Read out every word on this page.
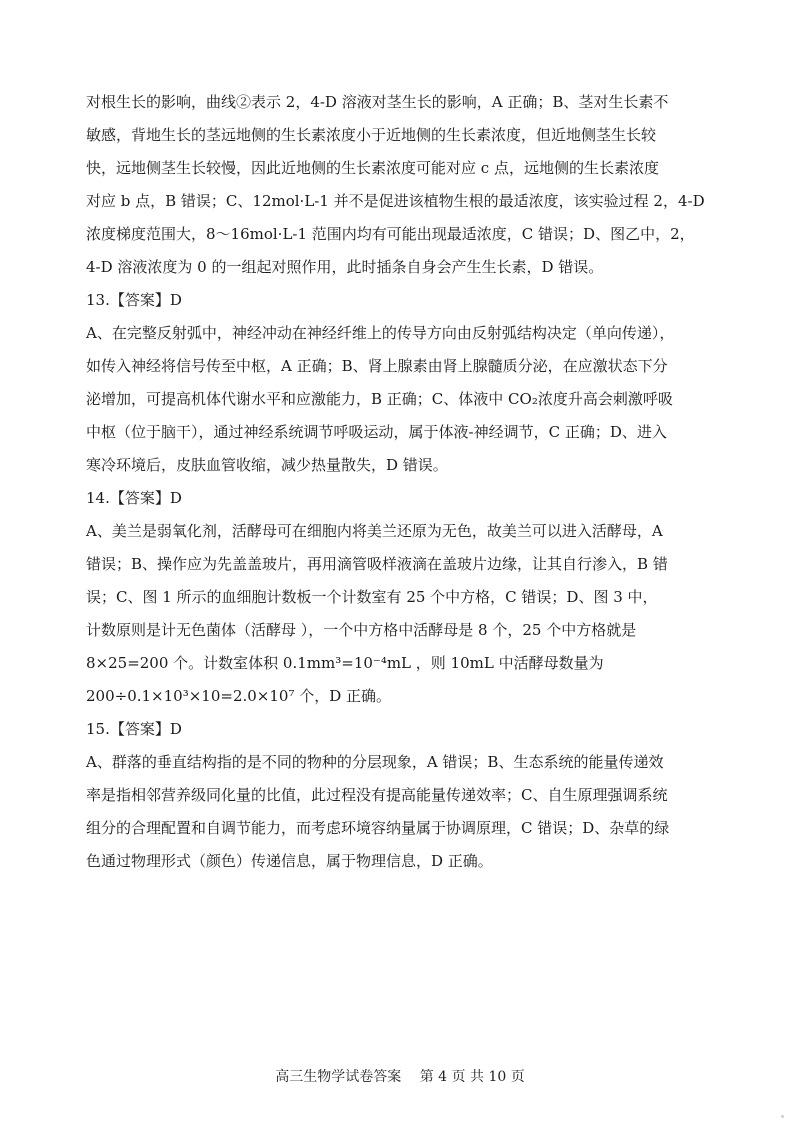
对根生长的影响，曲线②表示 2，4-D 溶液对茎生长的影响，A 正确；B、茎对生长素不
敏感，背地生长的茎远地侧的生长素浓度小于近地侧的生长素浓度，但近地侧茎生长较
快，远地侧茎生长较慢，因此近地侧的生长素浓度可能对应 c 点，远地侧的生长素浓度
对应 b 点，B 错误；C、12mol·L-1 并不是促进该植物生根的最适浓度，该实验过程 2，4-D
浓度梯度范围大，8～16mol·L-1 范围内均有可能出现最适浓度，C 错误；D、图乙中，2，
4-D 溶液浓度为 0 的一组起对照作用，此时插条自身会产生生长素，D 错误。
13.【答案】D
A、在完整反射弧中，神经冲动在神经纤维上的传导方向由反射弧结构决定（单向传递），
如传入神经将信号传至中枢，A 正确；B、肾上腺素由肾上腺髓质分泌，在应激状态下分
泌增加，可提高机体代谢水平和应激能力，B 正确；C、体液中 CO₂浓度升高会刺激呼吸
中枢（位于脑干），通过神经系统调节呼吸运动，属于体液-神经调节，C 正确；D、进入
寒冷环境后，皮肤血管收缩，减少热量散失，D 错误。
14.【答案】D
A、美兰是弱氧化剂，活酵母可在细胞内将美兰还原为无色，故美兰可以进入活酵母，A
错误；B、操作应为先盖盖玻片，再用滴管吸样液滴在盖玻片边缘，让其自行渗入，B 错
误；C、图 1 所示的血细胞计数板一个计数室有 25 个中方格，C 错误；D、图 3 中，
计数原则是计无色菌体（活酵母 ），一个中方格中活酵母是 8 个，25 个中方格就是
8×25=200 个。计数室体积 0.1mm³=10⁻⁴mL ，则 10mL 中活酵母数量为
200÷0.1×10³×10=2.0×10⁷ 个，D 正确。
15.【答案】D
A、群落的垂直结构指的是不同的物种的分层现象，A 错误；B、生态系统的能量传递效
率是指相邻营养级同化量的比值，此过程没有提高能量传递效率；C、自生原理强调系统
组分的合理配置和自调节能力，而考虑环境容纳量属于协调原理，C 错误；D、杂草的绿
色通过物理形式（颜色）传递信息，属于物理信息，D 正确。
高三生物学试卷答案 　第 4 页 共 10 页
